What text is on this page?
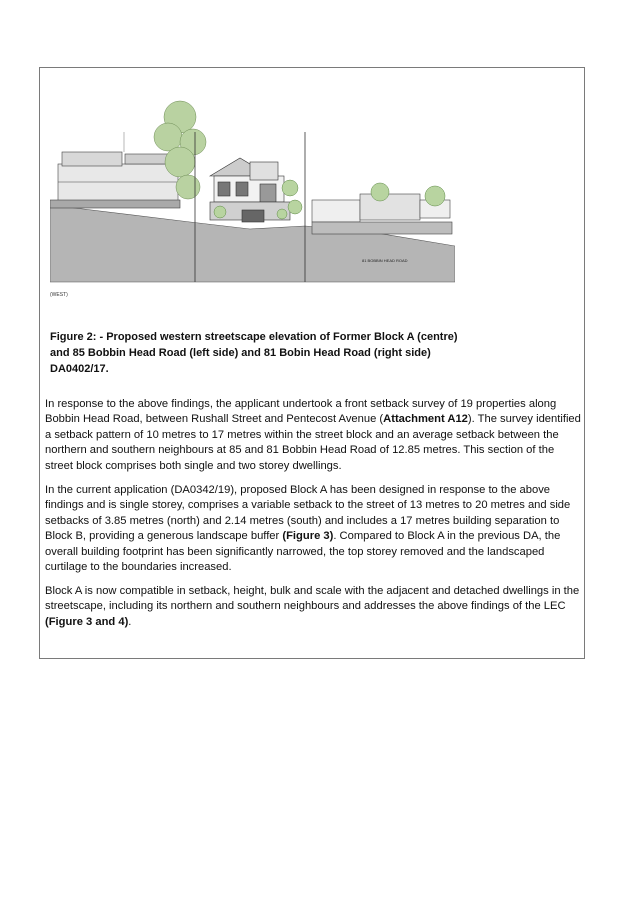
81 BOBBIN HEAD ROAD
(WEST)

Figure 2: - Proposed western streetscape elevation of Former Block A (centre) and 85 Bobbin Head Road (left side) and 81 Bobin Head Road (right side) DA0402/17.

In response to the above findings, the applicant undertook a front setback survey of 19 properties along Bobbin Head Road, between Rushall Street and Pentecost Avenue (Attachment A12). The survey identified a setback pattern of 10 metres to 17 metres within the street block and an average setback between the northern and southern neighbours at 85 and 81 Bobbin Head Road of 12.85 metres. This section of the street block comprises both single and two storey dwellings.

In the current application (DA0342/19), proposed Block A has been designed in response to the above findings and is single storey, comprises a variable setback to the street of 13 metres to 20 metres and side setbacks of 3.85 metres (north) and 2.14 metres (south) and includes a 17 metres building separation to Block B, providing a generous landscape buffer (Figure 3). Compared to Block A in the previous DA, the overall building footprint has been significantly narrowed, the top storey removed and the landscaped curtilage to the boundaries increased.

Block A is now compatible in setback, height, bulk and scale with the adjacent and detached dwellings in the streetscape, including its northern and southern neighbours and addresses the above findings of the LEC (Figure 3 and 4).
